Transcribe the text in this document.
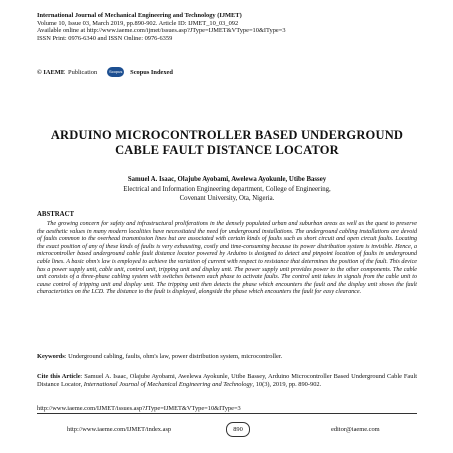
International Journal of Mechanical Engineering and Technology (IJMET)
Volume 10, Issue 03, March 2019, pp.890-902. Article ID: IJMET_10_03_092
Available online at http://www.iaeme.com/ijmet/issues.asp?JType=IJMET&VType=10&IType=3
ISSN Print: 0976-6340 and ISSN Online: 0976-6359
© IAEME Publication	Scopus Scopus Indexed
ARDUINO MICROCONTROLLER BASED UNDERGROUND CABLE FAULT DISTANCE LOCATOR
Samuel A. Isaac, Olajube Ayobami, Awelewa Ayokunle, Utibe Bassey
Electrical and Information Engineering department, College of Engineering,
Covenant University, Ota, Nigeria.
ABSTRACT

The growing concern for safety and infrastructural proliferations in the densely populated urban and suburban areas as well as the quest to preserve the aesthetic values in many modern localities have necessitated the need for underground installations. The underground cabling installations are devoid of faults common to the overhead transmission lines but are associated with certain kinds of faults such as short circuit and open circuit faults. Locating the exact position of any of these kinds of faults is very exhausting, costly and time-consuming because its power distribution system is invisible. Hence, a microcontroller based underground cable fault distance locator powered by Arduino is designed to detect and pinpoint location of faults in underground cable lines. A basic ohm's law is employed to achieve the variation of current with respect to resistance that determines the position of the fault. This device has a power supply unit, cable unit, control unit, tripping unit and display unit. The power supply unit provides power to the other components. The cable unit consists of a three-phase cabling system with switches between each phase to activate faults. The control unit takes in signals from the cable unit to cause control of tripping unit and display unit. The tripping unit then detects the phase which encounters the fault and the display unit shows the fault characteristics on the LCD. The distance to the fault is displayed, alongside the phase which encounters the fault for easy clearance.

Keywords: Underground cabling, faults, ohm's law, power distribution system, microcontroller.

Cite this Article: Samuel A. Isaac, Olajube Ayobami, Awelewa Ayokunle, Utibe Bassey, Arduino Microcontroller Based Underground Cable Fault Distance Locator, International Journal of Mechanical Engineering and Technology, 10(3), 2019, pp. 890-902.

http://www.iaeme.com/IJMET/issues.asp?JType=IJMET&VType=10&IType=3
http://www.iaeme.com/IJMET/index.asp	890	editor@iaeme.com
